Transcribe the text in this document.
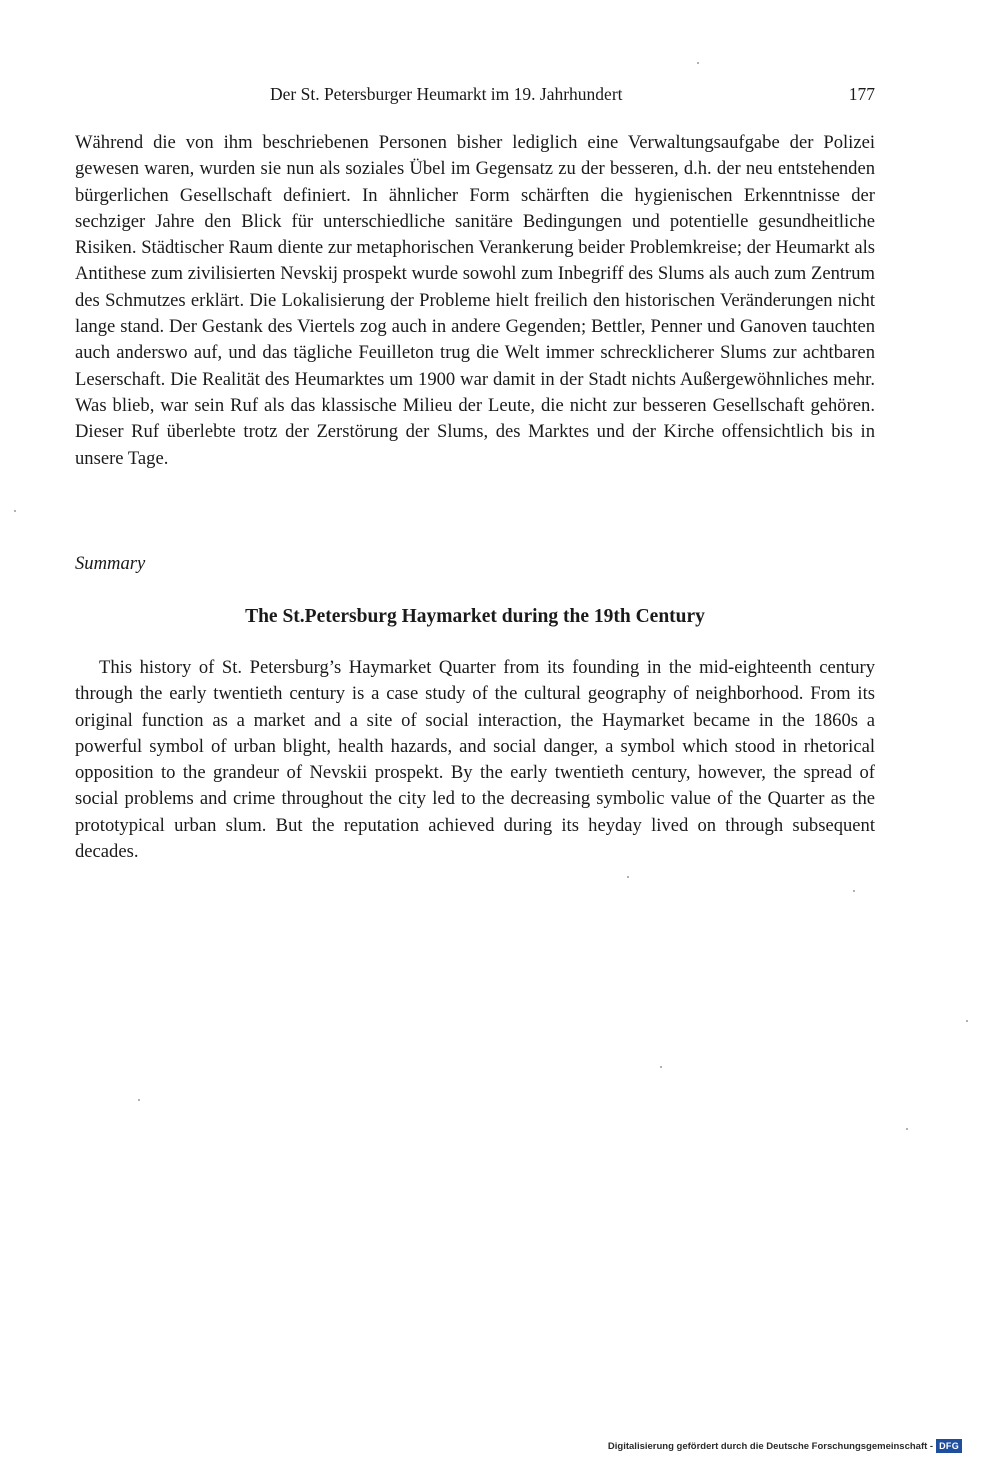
Der St. Petersburger Heumarkt im 19. Jahrhundert	177

Während die von ihm beschriebenen Personen bisher lediglich eine Verwaltungsaufgabe der Polizei gewesen waren, wurden sie nun als soziales Übel im Gegensatz zu der besseren, d.h. der neu entstehenden bürgerlichen Gesellschaft definiert. In ähnlicher Form schärften die hygienischen Erkenntnisse der sechziger Jahre den Blick für unterschiedliche sanitäre Bedingungen und potentielle gesundheitliche Risiken. Städtischer Raum diente zur metaphorischen Verankerung beider Problemkreise; der Heumarkt als Antithese zum zivilisierten Nevskij prospekt wurde sowohl zum Inbegriff des Slums als auch zum Zentrum des Schmutzes erklärt. Die Lokalisierung der Probleme hielt freilich den historischen Veränderungen nicht lange stand. Der Gestank des Viertels zog auch in andere Gegenden; Bettler, Penner und Ganoven tauchten auch anderswo auf, und das tägliche Feuilleton trug die Welt immer schrecklicherer Slums zur achtbaren Leserschaft. Die Realität des Heumarktes um 1900 war damit in der Stadt nichts Außergewöhnliches mehr. Was blieb, war sein Ruf als das klassische Milieu der Leute, die nicht zur besseren Gesellschaft gehören. Dieser Ruf überlebte trotz der Zerstörung der Slums, des Marktes und der Kirche offensichtlich bis in unsere Tage.

Summary
The St.Petersburg Haymarket during the 19th Century

This history of St. Petersburg’s Haymarket Quarter from its founding in the mid-eighteenth century through the early twentieth century is a case study of the cultural geography of neighborhood. From its original function as a market and a site of social interaction, the Haymarket became in the 1860s a powerful symbol of urban blight, health hazards, and social danger, a symbol which stood in rhetorical opposition to the grandeur of Nevskii prospekt. By the early twentieth century, however, the spread of social problems and crime throughout the city led to the decreasing symbolic value of the Quarter as the prototypical urban slum. But the reputation achieved during its heyday lived on through subsequent decades.

Digitalisierung gefördert durch die Deutsche Forschungsgemeinschaft - DFG
